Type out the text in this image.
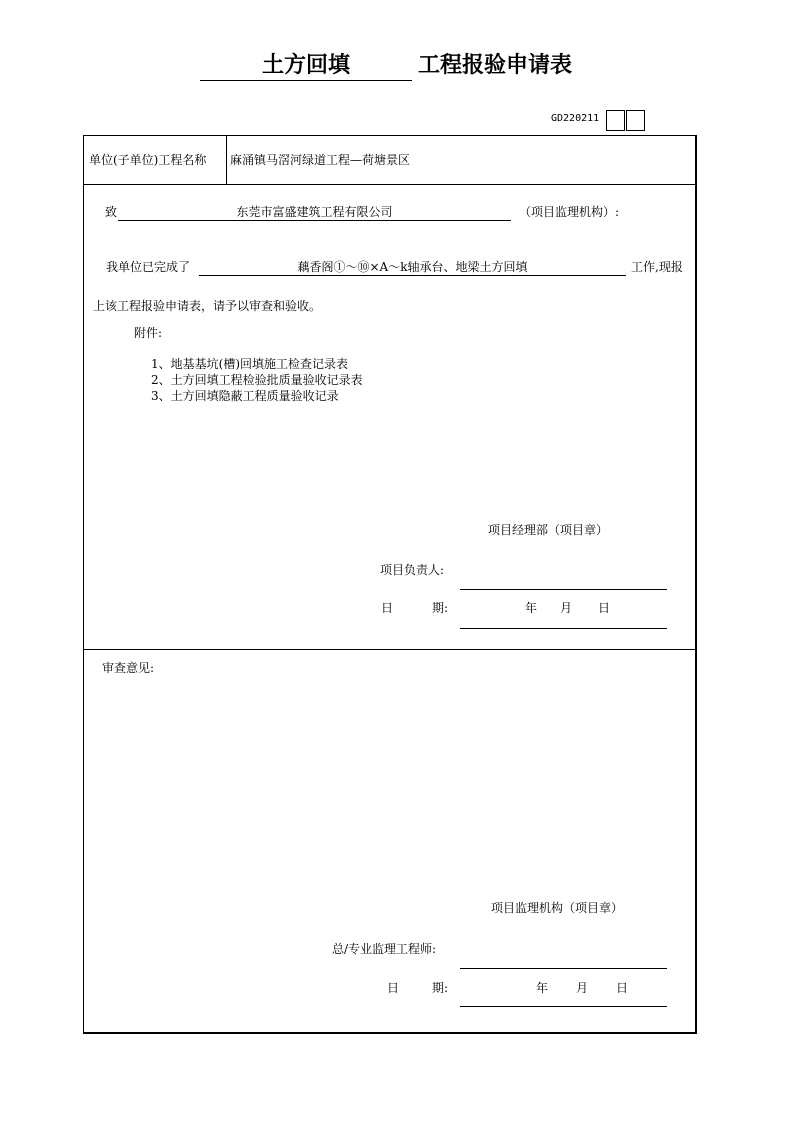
土方回填	工程报验申请表
GD220211
单位(子单位)工程名称 麻涌镇马滘河绿道工程—荷塘景区
致	东莞市富盛建筑工程有限公司	（项目监理机构）:
我单位已完成了	藕香阁①～⑩×A～k轴承台、地梁土方回填	工作,现报
上该工程报验申请表，请予以审查和验收。
附件:
1、地基基坑(槽)回填施工检查记录表
2、土方回填工程检验批质量验收记录表
3、土方回填隐蔽工程质量验收记录
项目经理部（项目章）
项目负责人:
日	期:	年 月 日
审查意见:
项目监理机构（项目章）
总/专业监理工程师:
日	期:	年 月 日
